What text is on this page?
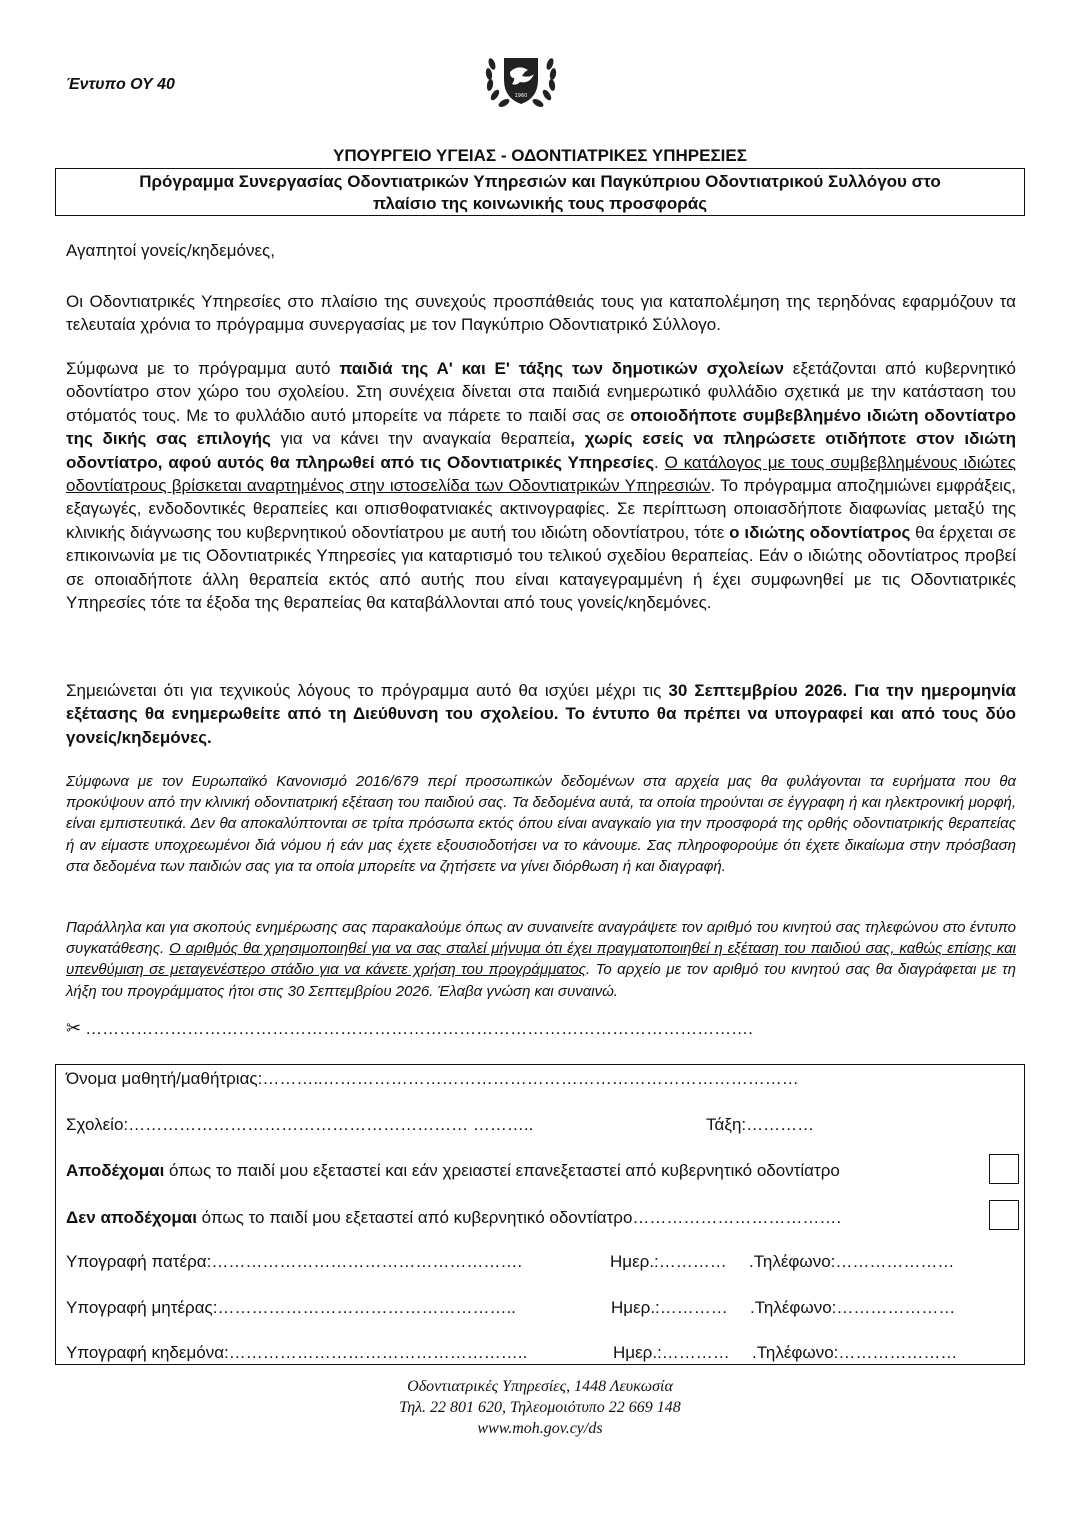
Έντυπο ΟΥ 40
1960
ΥΠΟΥΡΓΕΙΟ ΥΓΕΙΑΣ - ΟΔΟΝΤΙΑΤΡΙΚΕΣ ΥΠΗΡΕΣΙΕΣ
Πρόγραμμα Συνεργασίας Οδοντιατρικών Υπηρεσιών και Παγκύπριου Οδοντιατρικού Συλλόγου στο
πλαίσιο της κοινωνικής τους προσφοράς
Αγαπητοί γονείς/κηδεμόνες,
Οι Οδοντιατρικές Υπηρεσίες στο πλαίσιο της συνεχούς προσπάθειάς τους για καταπολέμηση της τερηδόνας εφαρμόζουν τα τελευταία χρόνια το πρόγραμμα συνεργασίας με τον Παγκύπριο Οδοντιατρικό Σύλλογο.
Σύμφωνα με το πρόγραμμα αυτό παιδιά της Α' και Ε' τάξης των δημοτικών σχολείων εξετάζονται από κυβερνητικό οδοντίατρο στον χώρο του σχολείου. Στη συνέχεια δίνεται στα παιδιά ενημερωτικό φυλλάδιο σχετικά με την κατάσταση του στόματός τους. Με το φυλλάδιο αυτό μπορείτε να πάρετε το παιδί σας σε οποιοδήποτε συμβεβλημένο ιδιώτη οδοντίατρο της δικής σας επιλογής για να κάνει την αναγκαία θεραπεία, χωρίς εσείς να πληρώσετε οτιδήποτε στον ιδιώτη οδοντίατρο, αφού αυτός θα πληρωθεί από τις Οδοντιατρικές Υπηρεσίες. Ο κατάλογος με τους συμβεβλημένους ιδιώτες οδοντίατρους βρίσκεται αναρτημένος στην ιστοσελίδα των Οδοντιατρικών Υπηρεσιών. Το πρόγραμμα αποζημιώνει εμφράξεις, εξαγωγές, ενδοδοντικές θεραπείες και οπισθοφατνιακές ακτινογραφίες. Σε περίπτωση οποιασδήποτε διαφωνίας μεταξύ της κλινικής διάγνωσης του κυβερνητικού οδοντίατρου με αυτή του ιδιώτη οδοντίατρου, τότε ο ιδιώτης οδοντίατρος θα έρχεται σε επικοινωνία με τις Οδοντιατρικές Υπηρεσίες για καταρτισμό του τελικού σχεδίου θεραπείας. Εάν ο ιδιώτης οδοντίατρος προβεί σε οποιαδήποτε άλλη θεραπεία εκτός από αυτής που είναι καταγεγραμμένη ή έχει συμφωνηθεί με τις Οδοντιατρικές Υπηρεσίες τότε τα έξοδα της θεραπείας θα καταβάλλονται από τους γονείς/κηδεμόνες.
Σημειώνεται ότι για τεχνικούς λόγους το πρόγραμμα αυτό θα ισχύει μέχρι τις 30 Σεπτεμβρίου 2026. Για την ημερομηνία εξέτασης θα ενημερωθείτε από τη Διεύθυνση του σχολείου. Το έντυπο θα πρέπει να υπογραφεί και από τους δύο γονείς/κηδεμόνες.
Σύμφωνα με τον Ευρωπαϊκό Κανονισμό 2016/679 περί προσωπικών δεδομένων στα αρχεία μας θα φυλάγονται τα ευρήματα που θα προκύψουν από την κλινική οδοντιατρική εξέταση του παιδιού σας. Τα δεδομένα αυτά, τα οποία τηρούνται σε έγγραφη ή και ηλεκτρονική μορφή, είναι εμπιστευτικά. Δεν θα αποκαλύπτονται σε τρίτα πρόσωπα εκτός όπου είναι αναγκαίο για την προσφορά της ορθής οδοντιατρικής θεραπείας ή αν είμαστε υποχρεωμένοι διά νόμου ή εάν μας έχετε εξουσιοδοτήσει να το κάνουμε. Σας πληροφορούμε ότι έχετε δικαίωμα στην πρόσβαση στα δεδομένα των παιδιών σας για τα οποία μπορείτε να ζητήσετε να γίνει διόρθωση ή και διαγραφή.
Παράλληλα και για σκοπούς ενημέρωσης σας παρακαλούμε όπως αν συναινείτε αναγράψετε τον αριθμό του κινητού σας τηλεφώνου στο έντυπο συγκατάθεσης. Ο αριθμός θα χρησιμοποιηθεί για να σας σταλεί μήνυμα ότι έχει πραγματοποιηθεί η εξέταση του παιδιού σας, καθώς επίσης και υπενθύμιση σε μεταγενέστερο στάδιο για να κάνετε χρήση του προγράμματος. Το αρχείο με τον αριθμό του κινητού σας θα διαγράφεται με τη λήξη του προγράμματος ήτοι στις 30 Σεπτεμβρίου 2026. Έλαβα γνώση και συναινώ.
✂ ……………………………………………………………………………………………………….
Όνομα μαθητή/μαθήτριας:………..…………………………………………………………………………
Σχολείο:…………………………………………………… ………..	Τάξη:…………
Αποδέχομαι όπως το παιδί μου εξεταστεί και εάν χρειαστεί επανεξεταστεί από κυβερνητικό οδοντίατρο
Δεν αποδέχομαι όπως το παιδί μου εξεταστεί από κυβερνητικό οδοντίατρο……………………………….
Υπογραφή πατέρα:……………………………………………….	Ημερ.:………… .Τηλέφωνο:…………………
Υπογραφή μητέρας:……………………………………………..	Ημερ.:………… .Τηλέφωνο:…………………
Υπογραφή κηδεμόνα:……………………………………………..	Ημερ.:………… .Τηλέφωνο:…………………
Οδοντιατρικές Υπηρεσίες, 1448 Λευκωσία
Τηλ. 22 801 620, Τηλεομοιότυπο 22 669 148
www.moh.gov.cy/ds
